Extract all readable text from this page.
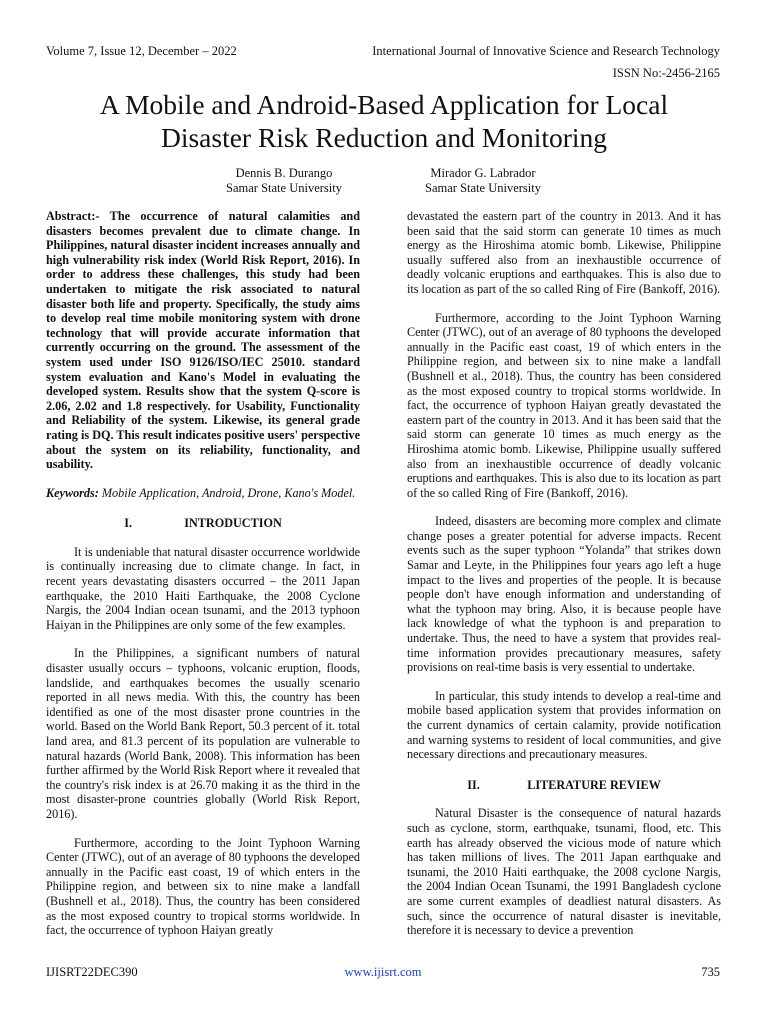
Volume 7, Issue 12, December – 2022	International Journal of Innovative Science and Research Technology
ISSN No:-2456-2165
A Mobile and Android-Based Application for Local
Disaster Risk Reduction and Monitoring
Dennis B. Durango
Samar State University
Mirador G. Labrador
Samar State University

Abstract:- The occurrence of natural calamities and disasters becomes prevalent due to climate change. In Philippines, natural disaster incident increases annually and high vulnerability risk index (World Risk Report, 2016). In order to address these challenges, this study had been undertaken to mitigate the risk associated to natural disaster both life and property. Specifically, the study aims to develop real time mobile monitoring system with drone technology that will provide accurate information that currently occurring on the ground. The assessment of the system used under ISO 9126/ISO/IEC 25010. standard system evaluation and Kano's Model in evaluating the developed system. Results show that the system Q-score is 2.06, 2.02 and 1.8 respectively. for Usability, Functionality and Reliability of the system. Likewise, its general grade rating is DQ. This result indicates positive users' perspective about the system on its reliability, functionality, and usability.

Keywords: Mobile Application, Android, Drone, Kano's Model.

I.	INTRODUCTION

It is undeniable that natural disaster occurrence worldwide is continually increasing due to climate change. In fact, in recent years devastating disasters occurred – the 2011 Japan earthquake, the 2010 Haiti Earthquake, the 2008 Cyclone Nargis, the 2004 Indian ocean tsunami, and the 2013 typhoon Haiyan in the Philippines are only some of the few examples.

In the Philippines, a significant numbers of natural disaster usually occurs – typhoons, volcanic eruption, floods, landslide, and earthquakes becomes the usually scenario reported in all news media. With this, the country has been identified as one of the most disaster prone countries in the world. Based on the World Bank Report, 50.3 percent of it. total land area, and 81.3 percent of its population are vulnerable to natural hazards (World Bank, 2008). This information has been further affirmed by the World Risk Report where it revealed that the country's risk index is at 26.70 making it as the third in the most disaster-prone countries globally (World Risk Report, 2016).

Furthermore, according to the Joint Typhoon Warning Center (JTWC), out of an average of 80 typhoons the developed annually in the Pacific east coast, 19 of which enters in the Philippine region, and between six to nine make a landfall (Bushnell et al., 2018). Thus, the country has been considered as the most exposed country to tropical storms worldwide. In fact, the occurrence of typhoon Haiyan greatly

devastated the eastern part of the country in 2013. And it has been said that the said storm can generate 10 times as much energy as the Hiroshima atomic bomb. Likewise, Philippine usually suffered also from an inexhaustible occurrence of deadly volcanic eruptions and earthquakes. This is also due to its location as part of the so called Ring of Fire (Bankoff, 2016).

Furthermore, according to the Joint Typhoon Warning Center (JTWC), out of an average of 80 typhoons the developed annually in the Pacific east coast, 19 of which enters in the Philippine region, and between six to nine make a landfall (Bushnell et al., 2018). Thus, the country has been considered as the most exposed country to tropical storms worldwide. In fact, the occurrence of typhoon Haiyan greatly devastated the eastern part of the country in 2013. And it has been said that the said storm can generate 10 times as much energy as the Hiroshima atomic bomb. Likewise, Philippine usually suffered also from an inexhaustible occurrence of deadly volcanic eruptions and earthquakes. This is also due to its location as part of the so called Ring of Fire (Bankoff, 2016).

Indeed, disasters are becoming more complex and climate change poses a greater potential for adverse impacts. Recent events such as the super typhoon “Yolanda” that strikes down Samar and Leyte, in the Philippines four years ago left a huge impact to the lives and properties of the people. It is because people don't have enough information and understanding of what the typhoon may bring. Also, it is because people have lack knowledge of what the typhoon is and preparation to undertake. Thus, the need to have a system that provides real-time information provides precautionary measures, safety provisions on real-time basis is very essential to undertake.

In particular, this study intends to develop a real-time and mobile based application system that provides information on the current dynamics of certain calamity, provide notification and warning systems to resident of local communities, and give necessary directions and precautionary measures.

II.	LITERATURE REVIEW

Natural Disaster is the consequence of natural hazards such as cyclone, storm, earthquake, tsunami, flood, etc. This earth has already observed the vicious mode of nature which has taken millions of lives. The 2011 Japan earthquake and tsunami, the 2010 Haiti earthquake, the 2008 cyclone Nargis, the 2004 Indian Ocean Tsunami, the 1991 Bangladesh cyclone are some current examples of deadliest natural disasters. As such, since the occurrence of natural disaster is inevitable, therefore it is necessary to device a prevention

IJISRT22DEC390	www.ijisrt.com	735
